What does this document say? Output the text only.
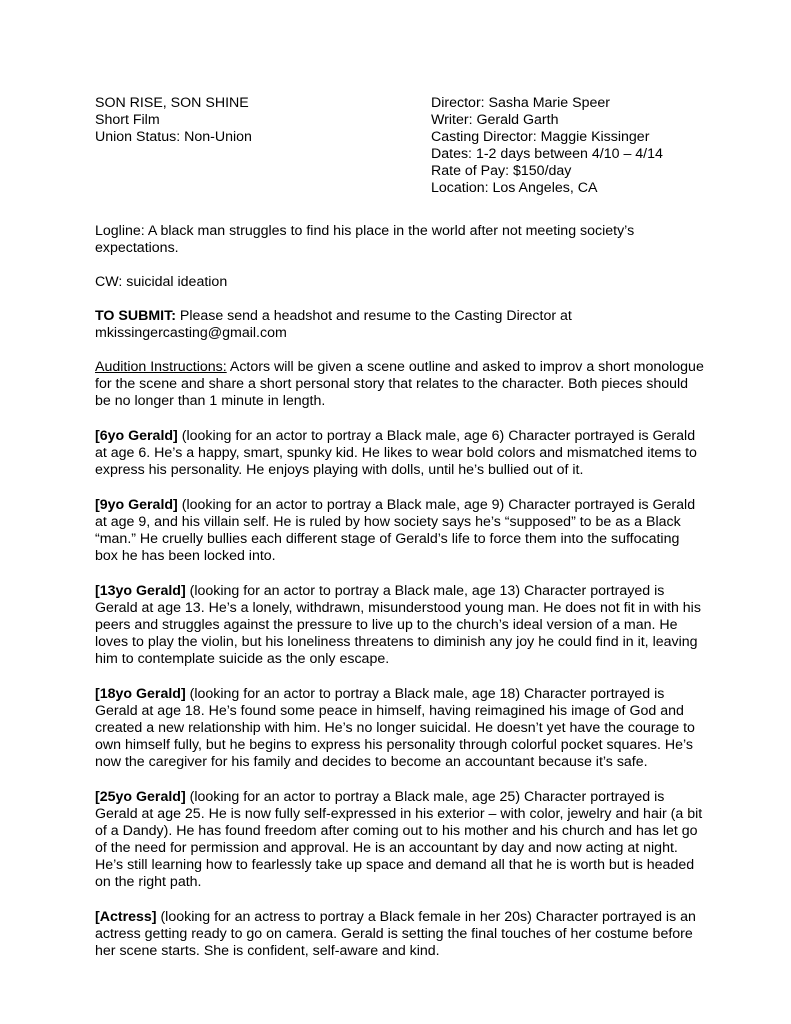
SON RISE, SON SHINE
Short Film
Union Status: Non-Union
Director: Sasha Marie Speer
Writer: Gerald Garth
Casting Director: Maggie Kissinger
Dates: 1-2 days between 4/10 – 4/14
Rate of Pay: $150/day
Location: Los Angeles, CA

Logline: A black man struggles to find his place in the world after not meeting society’s expectations.

CW: suicidal ideation

TO SUBMIT: Please send a headshot and resume to the Casting Director at mkissingercasting@gmail.com

Audition Instructions: Actors will be given a scene outline and asked to improv a short monologue for the scene and share a short personal story that relates to the character. Both pieces should be no longer than 1 minute in length.

[6yo Gerald] (looking for an actor to portray a Black male, age 6) Character portrayed is Gerald at age 6. He’s a happy, smart, spunky kid. He likes to wear bold colors and mismatched items to express his personality. He enjoys playing with dolls, until he’s bullied out of it.

[9yo Gerald] (looking for an actor to portray a Black male, age 9) Character portrayed is Gerald at age 9, and his villain self. He is ruled by how society says he’s “supposed” to be as a Black “man.” He cruelly bullies each different stage of Gerald’s life to force them into the suffocating box he has been locked into.

[13yo Gerald] (looking for an actor to portray a Black male, age 13) Character portrayed is Gerald at age 13. He’s a lonely, withdrawn, misunderstood young man. He does not fit in with his peers and struggles against the pressure to live up to the church’s ideal version of a man. He loves to play the violin, but his loneliness threatens to diminish any joy he could find in it, leaving him to contemplate suicide as the only escape.

[18yo Gerald] (looking for an actor to portray a Black male, age 18) Character portrayed is Gerald at age 18. He’s found some peace in himself, having reimagined his image of God and created a new relationship with him. He’s no longer suicidal. He doesn’t yet have the courage to own himself fully, but he begins to express his personality through colorful pocket squares. He’s now the caregiver for his family and decides to become an accountant because it’s safe.

[25yo Gerald] (looking for an actor to portray a Black male, age 25) Character portrayed is Gerald at age 25. He is now fully self-expressed in his exterior – with color, jewelry and hair (a bit of a Dandy). He has found freedom after coming out to his mother and his church and has let go of the need for permission and approval. He is an accountant by day and now acting at night. He’s still learning how to fearlessly take up space and demand all that he is worth but is headed on the right path.

[Actress] (looking for an actress to portray a Black female in her 20s) Character portrayed is an actress getting ready to go on camera. Gerald is setting the final touches of her costume before her scene starts. She is confident, self-aware and kind.
